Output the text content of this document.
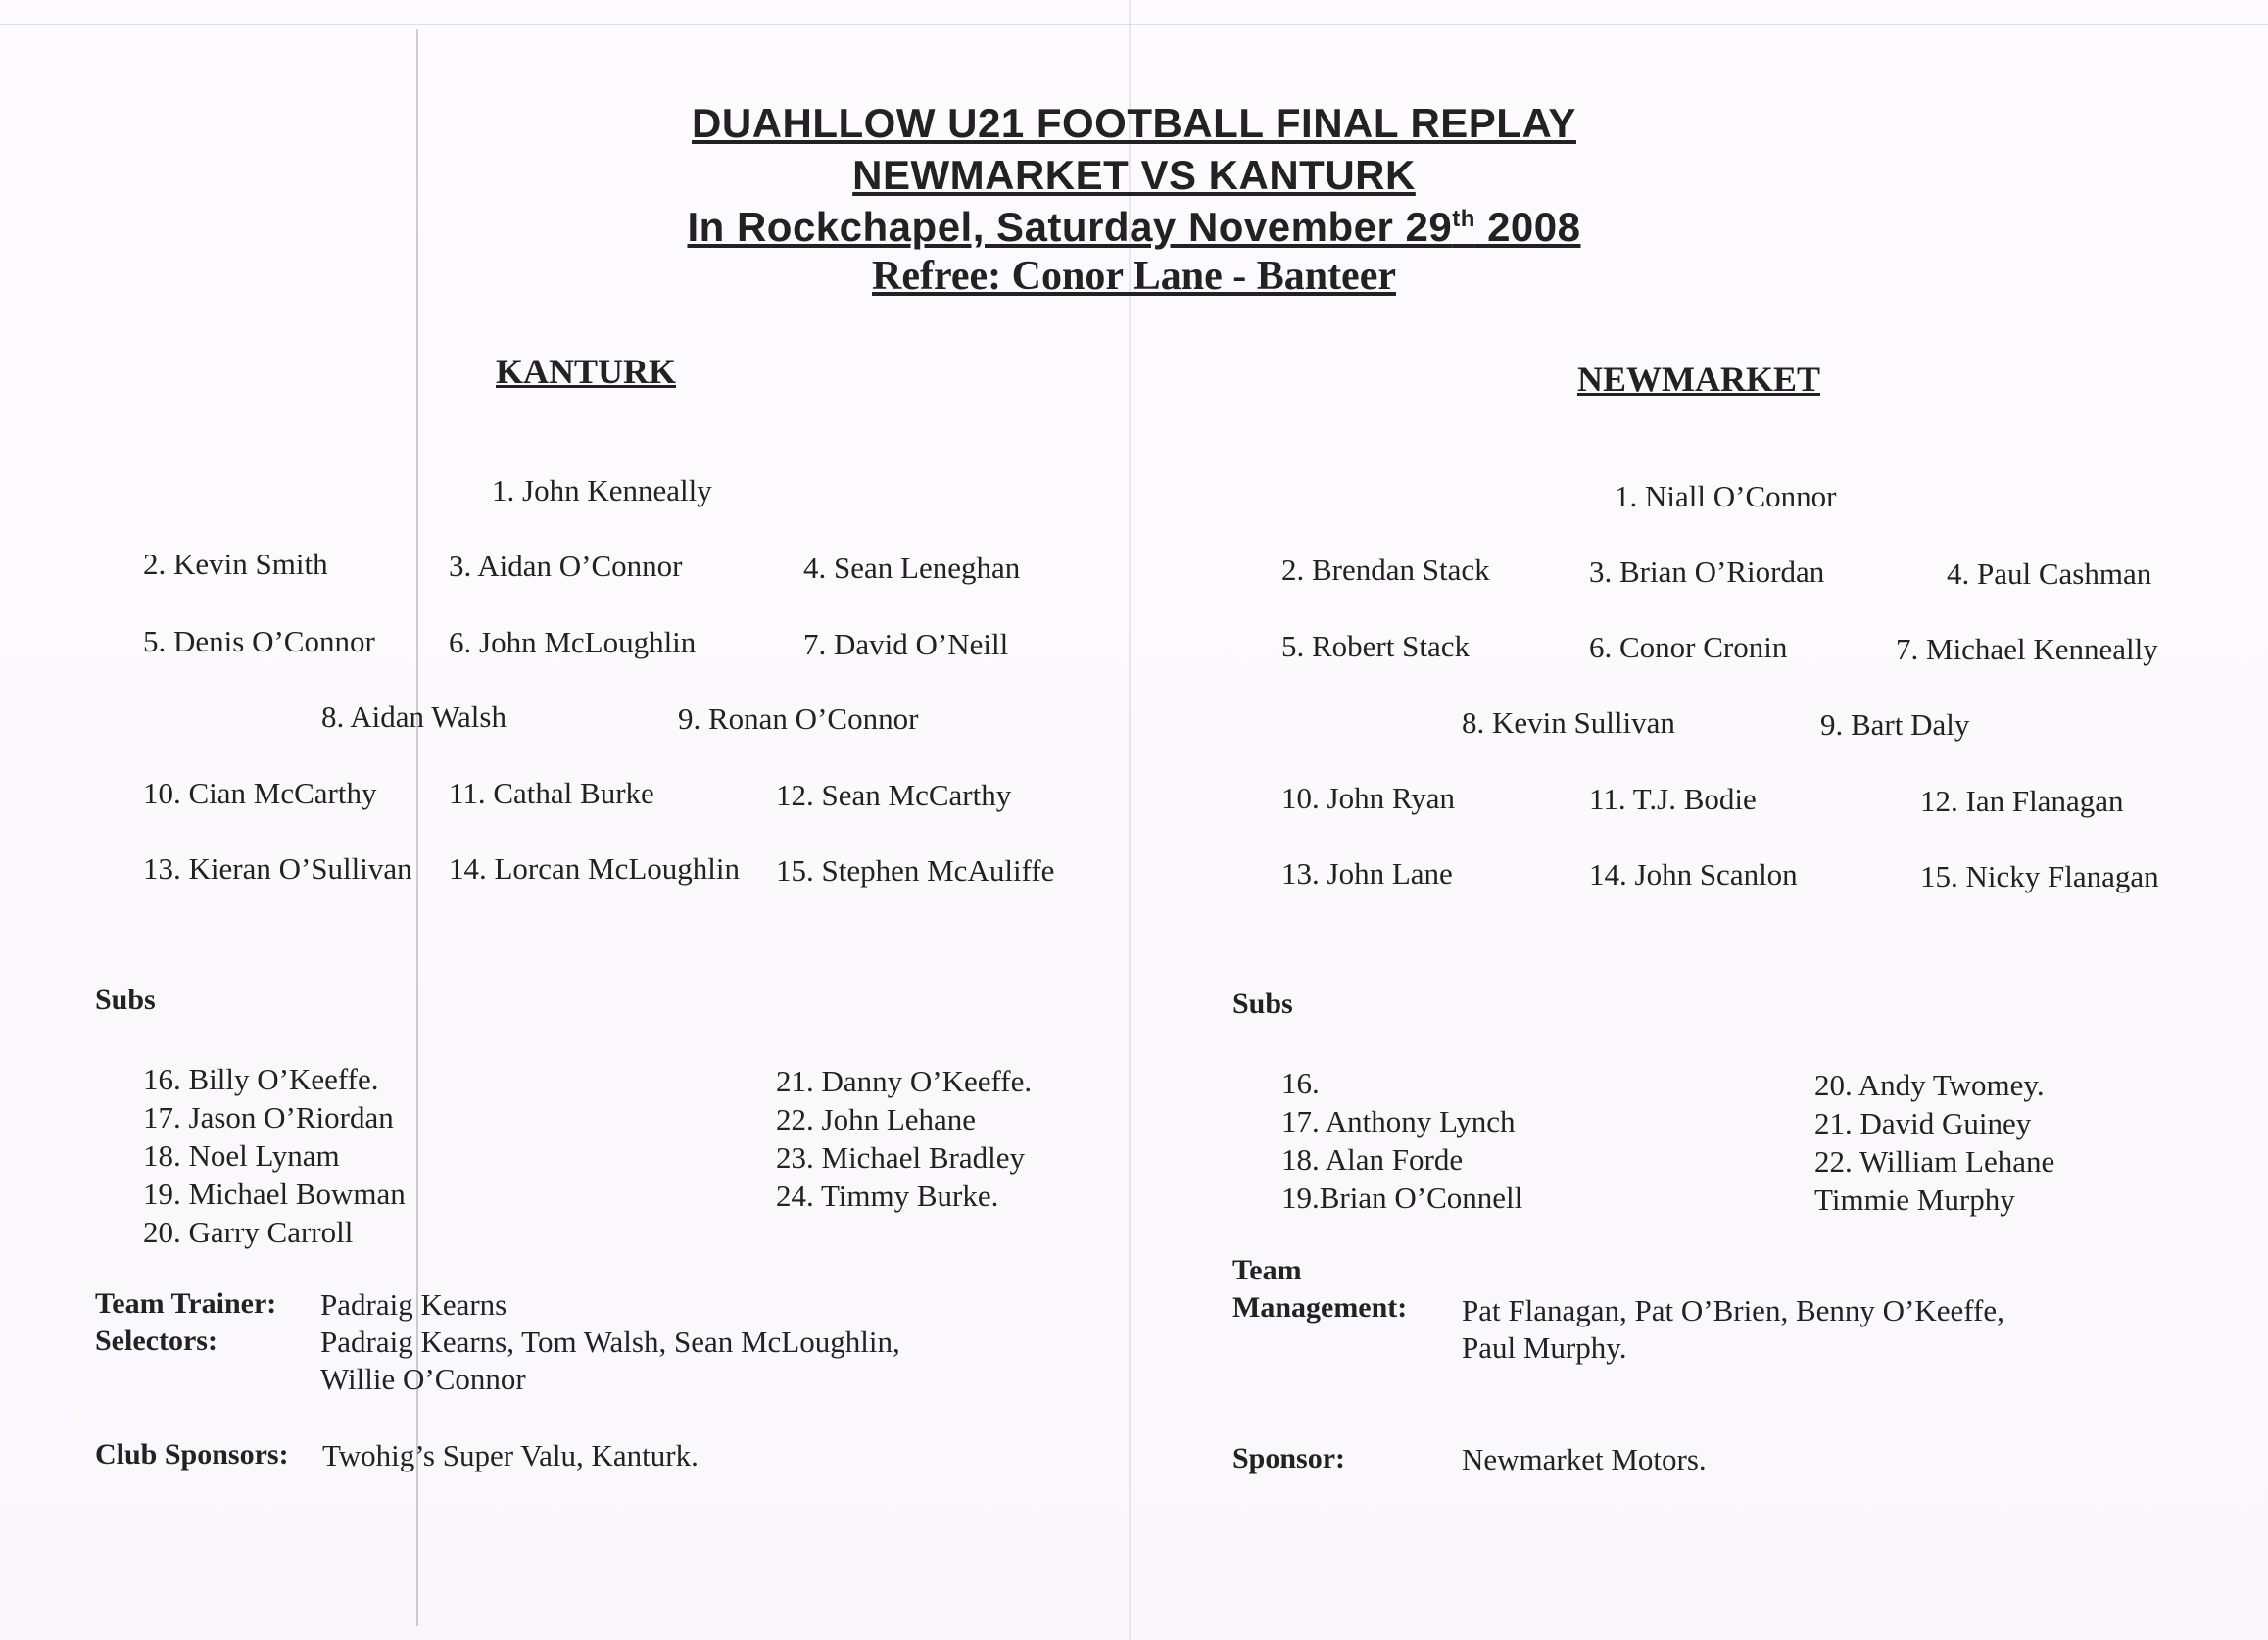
DUAHLLOW U21 FOOTBALL FINAL REPLAY
NEWMARKET VS KANTURK
In Rockchapel, Saturday November 29th 2008
Refree: Conor Lane - Banteer
KANTURK
1. John Kenneally
2. Kevin Smith	3. Aidan O’Connor	4. Sean Leneghan
5. Denis O’Connor 6. John McLoughlin	7. David O’Neill
8. Aidan Walsh	9. Ronan O’Connor
10. Cian McCarthy 11. Cathal Burke	12. Sean McCarthy
13. Kieran O’Sullivan 14. Lorcan McLoughlin 15. Stephen McAuliffe
Subs
16. Billy O’Keeffe.
17. Jason O’Riordan
18. Noel Lynam
19. Michael Bowman
20. Garry Carroll
21. Danny O’Keeffe.
22. John Lehane
23. Michael Bradley
24. Timmy Burke.
Team Trainer: Padraig Kearns
Selectors:	Padraig Kearns, Tom Walsh, Sean McLoughlin,
Willie O’Connor
Club Sponsors: Twohig’s Super Valu, Kanturk.
NEWMARKET
1. Niall O’Connor
2. Brendan Stack	3. Brian O’Riordan	4. Paul Cashman
5. Robert Stack	6. Conor Cronin	7. Michael Kenneally
8. Kevin Sullivan	9. Bart Daly
10. John Ryan	11. T.J. Bodie	12. Ian Flanagan
13. John Lane	14. John Scanlon	15. Nicky Flanagan
Subs
16.
17. Anthony Lynch
18. Alan Forde
19.Brian O’Connell
20. Andy Twomey.
21. David Guiney
22. William Lehane
Timmie Murphy
Team
Management: Pat Flanagan, Pat O’Brien, Benny O’Keeffe,
Paul Murphy.
Sponsor:	Newmarket Motors.
